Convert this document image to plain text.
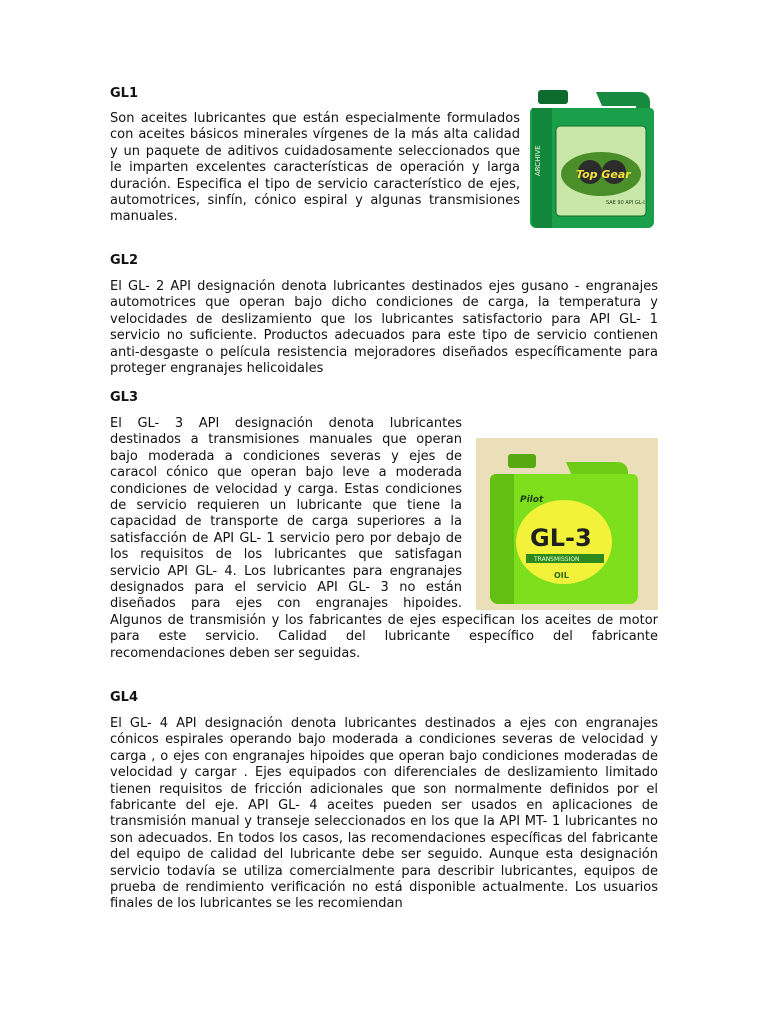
GL1

Son aceites lubricantes que están especialmente formulados con aceites básicos minerales vírgenes de la más alta calidad y un paquete de aditivos cuidadosamente seleccionados que le imparten excelentes características de operación y larga duración. Especifica el tipo de servicio característico de ejes, automotrices, sinfín, cónico espiral y algunas transmisiones manuales.

ARCHIVE	Top Gear
SAE 90 API GL-I
GL2

El GL- 2 API designación denota lubricantes destinados ejes gusano - engranajes automotrices que operan bajo dicho condiciones de carga, la temperatura y velocidades de deslizamiento que los lubricantes satisfactorio para API GL- 1 servicio no suficiente. Productos adecuados para este tipo de servicio contienen anti-desgaste o película resistencia mejoradores diseñados específicamente para proteger engranajes helicoidales

GL3
Pilot
GL-3
TRANSMISSION
OIL
El GL- 3 API designación denota lubricantes destinados a transmisiones manuales que operan bajo moderada a condiciones severas y ejes de caracol cónico que operan bajo leve a moderada condiciones de velocidad y carga. Estas condiciones de servicio requieren un lubricante que tiene la capacidad de transporte de carga superiores a la satisfacción de API GL- 1 servicio pero por debajo de los requisitos de los lubricantes que satisfagan servicio API GL- 4. Los lubricantes para engranajes designados para el servicio API GL- 3 no están diseñados para ejes con engranajes hipoides. Algunos de transmisión y los fabricantes de ejes especifican los aceites de motor para este servicio. Calidad del lubricante específico del fabricante recomendaciones deben ser seguidas.
GL4

El GL- 4 API designación denota lubricantes destinados a ejes con engranajes cónicos espirales operando bajo moderada a condiciones severas de velocidad y carga , o ejes con engranajes hipoides que operan bajo condiciones moderadas de velocidad y cargar . Ejes equipados con diferenciales de deslizamiento limitado tienen requisitos de fricción adicionales que son normalmente definidos por el fabricante del eje. API GL- 4 aceites pueden ser usados en aplicaciones de transmisión manual y transeje seleccionados en los que la API MT- 1 lubricantes no son adecuados. En todos los casos, las recomendaciones específicas del fabricante del equipo de calidad del lubricante debe ser seguido. Aunque esta designación servicio todavía se utiliza comercialmente para describir lubricantes, equipos de prueba de rendimiento verificación no está disponible actualmente. Los usuarios finales de los lubricantes se les recomiendan
